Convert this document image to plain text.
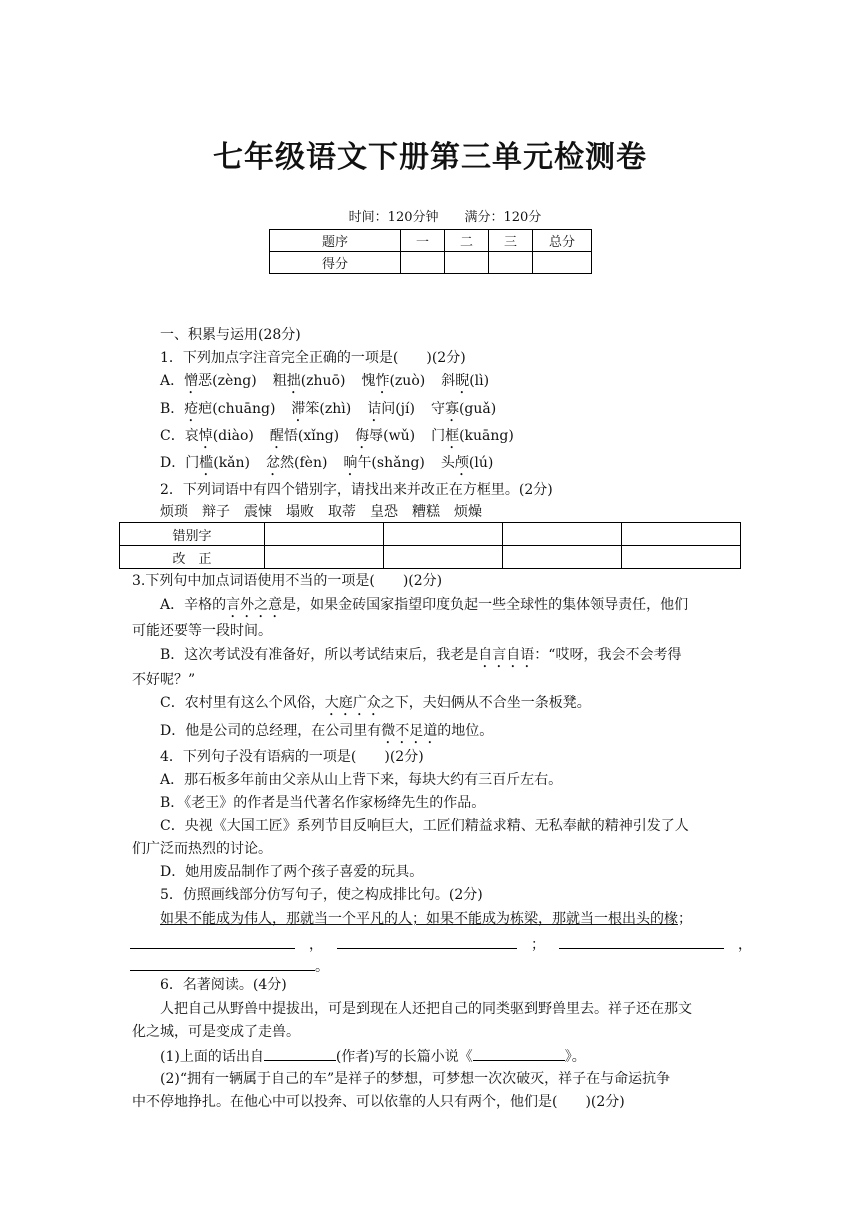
七年级语文下册第三单元检测卷
时间：120分钟　　满分：120分
题序	一	二	三	总分
得分				
一、积累与运用(28分)
1．下列加点字注音完全正确的一项是(　　)(2分)
A．憎恶(zèng) 粗拙(zhuō) 愧怍(zuò) 斜睨(lì)
B．疮疤(chuāng) 滞笨(zhì) 诘问(jí) 守寡(guǎ)
C．哀悼(diào) 醒悟(xǐng) 侮辱(wǔ) 门框(kuāng)
D．门槛(kǎn) 忿然(fèn) 晌午(shǎng) 头颅(lú)
2．下列词语中有四个错别字，请找出来并改正在方框里。(2分)
烦琐　辩子　震悚　塌败　取蒂　皇恐　糟糕　烦燥
错别字				
改　正				
3.下列句中加点词语使用不当的一项是(　　)(2分)
A．辛格的言外之意是，如果金砖国家指望印度负起一些全球性的集体领导责任，他们
可能还要等一段时间。
B．这次考试没有准备好，所以考试结束后，我老是自言自语：“哎呀，我会不会考得
不好呢？”
C．农村里有这么个风俗，大庭广众之下，夫妇俩从不合坐一条板凳。
D．他是公司的总经理，在公司里有微不足道的地位。
4．下列句子没有语病的一项是(　　)(2分)
A．那石板多年前由父亲从山上背下来，每块大约有三百斤左右。
B．《老王》的作者是当代著名作家杨绛先生的作品。
C．央视《大国工匠》系列节目反响巨大，工匠们精益求精、无私奉献的精神引发了人
们广泛而热烈的讨论。
D．她用废品制作了两个孩子喜爱的玩具。
5．仿照画线部分仿写句子，使之构成排比句。(2分)
如果不能成为伟人，那就当一个平凡的人；如果不能成为栋梁，那就当一根出头的椽；
，	；	，
。
6．名著阅读。(4分)
人把自己从野兽中提拔出，可是到现在人还把自己的同类驱到野兽里去。祥子还在那文
化之城，可是变成了走兽。
(1)上面的话出自	(作者)写的长篇小说《	》。
(2)“拥有一辆属于自己的车”是祥子的梦想，可梦想一次次破灭，祥子在与命运抗争
中不停地挣扎。在他心中可以投奔、可以依靠的人只有两个，他们是(　　)(2分)
